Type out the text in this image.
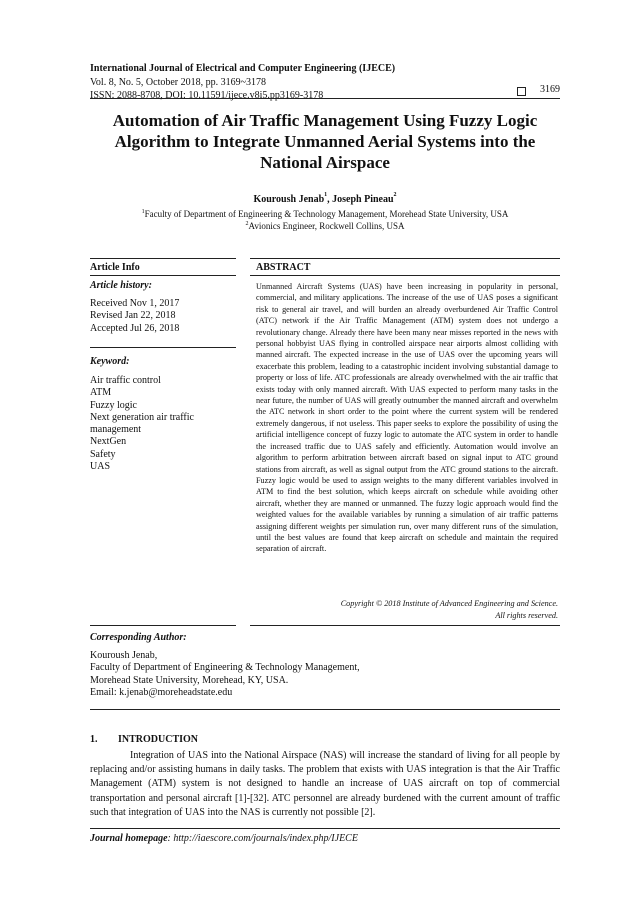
International Journal of Electrical and Computer Engineering (IJECE)
Vol. 8, No. 5, October 2018, pp. 3169~3178
ISSN: 2088-8708, DOI: 10.11591/ijece.v8i5.pp3169-3178
3169
Automation of Air Traffic Management Using Fuzzy Logic Algorithm to Integrate Unmanned Aerial Systems into the National Airspace
Kouroush Jenab$^1$, Joseph Pineau$^2$
$^1$Faculty of Department of Engineering & Technology Management, Morehead State University, USA
$^2$Avionics Engineer, Rockwell Collins, USA
Article Info
Article history:
Received Nov 1, 2017
Revised Jan 22, 2018
Accepted Jul 26, 2018
Keyword:
Air traffic control
ATM
Fuzzy logic
Next generation air traffic
management
NextGen
Safety
UAS
ABSTRACT

Unmanned Aircraft Systems (UAS) have been increasing in popularity in personal, commercial, and military applications. The increase of the use of UAS poses a significant risk to general air travel, and will burden an already overburdened Air Traffic Control (ATC) network if the Air Traffic Management (ATM) system does not undergo a revolutionary change. Already there have been many near misses reported in the news with personal hobbyist UAS flying in controlled airspace near airports almost colliding with manned aircraft. The expected increase in the use of UAS over the upcoming years will exacerbate this problem, leading to a catastrophic incident involving substantial damage to property or loss of life. ATC professionals are already overwhelmed with the air traffic that exists today with only manned aircraft. With UAS expected to perform many tasks in the near future, the number of UAS will greatly outnumber the manned aircraft and overwhelm the ATC network in short order to the point where the current system will be rendered extremely dangerous, if not useless. This paper seeks to explore the possibility of using the artificial intelligence concept of fuzzy logic to automate the ATC system in order to handle the increased traffic due to UAS safely and efficiently. Automation would involve an algorithm to perform arbitration between aircraft based on signal input to ATC ground stations from aircraft, as well as signal output from the ATC ground stations to the aircraft. Fuzzy logic would be used to assign weights to the many different variables involved in ATM to find the best solution, which keeps aircraft on schedule while avoiding other aircraft, whether they are manned or unmanned. The fuzzy logic approach would find the weighted values for the available variables by running a simulation of air traffic patterns assigning different weights per simulation run, over many different runs of the simulation, until the best values are found that keep aircraft on schedule and maintain the required separation of aircraft.

Copyright © 2018 Institute of Advanced Engineering and Science.
All rights reserved.
Corresponding Author:
Kouroush Jenab,
Faculty of Department of Engineering & Technology Management,
Morehead State University, Morehead, KY, USA.
Email: k.jenab@moreheadstate.edu
1. INTRODUCTION

Integration of UAS into the National Airspace (NAS) will increase the standard of living for all people by replacing and/or assisting humans in daily tasks. The problem that exists with UAS integration is that the Air Traffic Management (ATM) system is not designed to handle an increase of UAS aircraft on top of commercial transportation and personal aircraft [1]-[32]. ATC personnel are already burdened with the current amount of traffic such that integration of UAS into the NAS is currently not possible [2].

Journal homepage: http://iaescore.com/journals/index.php/IJECE
